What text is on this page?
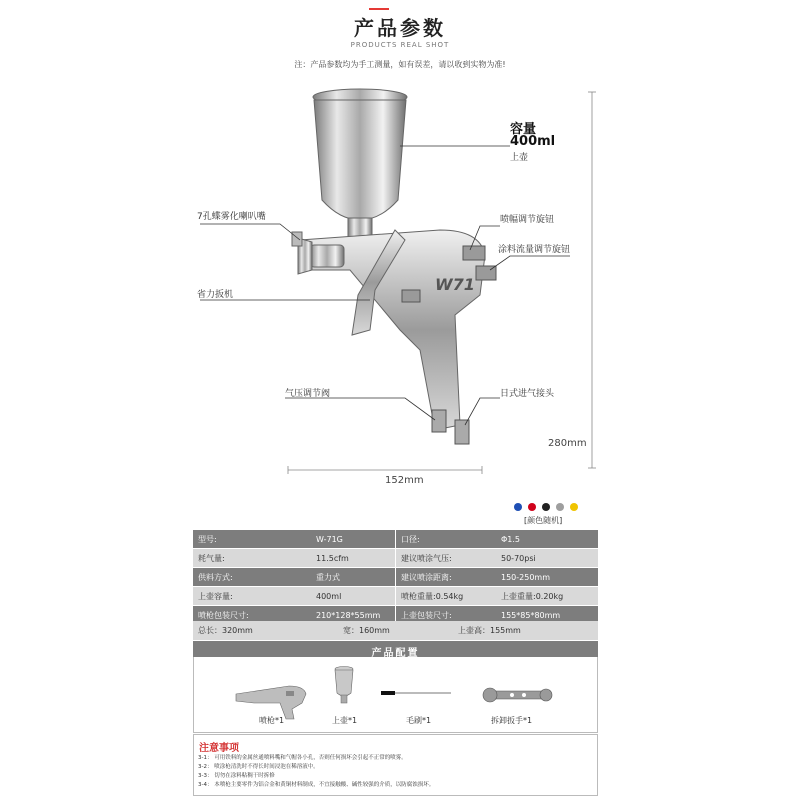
产品参数
PRODUCTS REAL SHOT
注：产品参数均为手工测量，如有误差，请以收到实物为准!
W71
容量
400ml
上壶
7孔蝶雾化喇叭嘴	喷幅调节旋钮
涂料流量调节旋钮
省力扳机
气压调节阀	日式进气接头
280mm
152mm
[颜色随机]
型号:	W-71G	口径:	Φ1.5
耗气量:	11.5cfm	建议喷涂气压:	50-70psi
供料方式:	重力式	建议喷涂距离:	150-250mm
上壶容量:	400ml	喷枪重量:0.54kg	上壶重量:0.20kg
喷枪包装尺寸:	210*128*55mm	上壶包装尺寸:	155*85*80mm
总长：320mm	宽：160mm	上壶高：155mm
产品配置
喷枪*1	上壶*1	毛刷*1	拆卸扳手*1
注意事项
3-1： 可用铁料的金属丝通喷料嘴和气帽各小孔，否则任何损坏会引起不正常的喷雾。
3-2： 喷涂枪清洗时不得长时间浸泡在稀溶液中。
3-3： 切勿在涂料粘稠干时拆修
3-4： 本喷枪主要零件为铝合金和黄铜材料制成，不宜接触酸、碱性较强的介质，以防腐蚀损坏。
